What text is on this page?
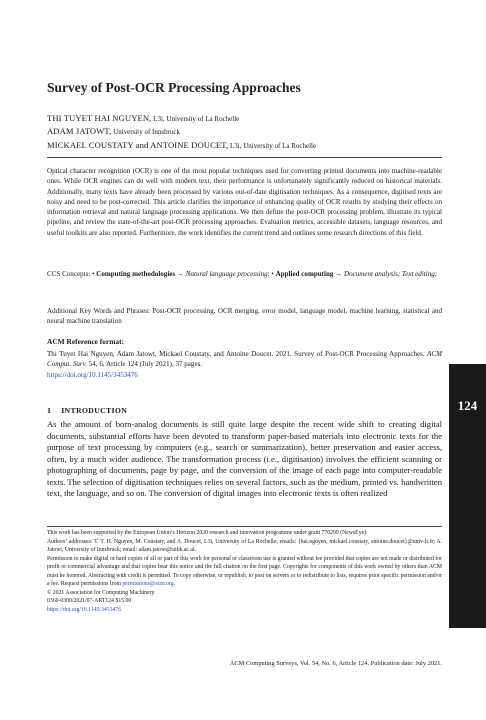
Survey of Post-OCR Processing Approaches
THI TUYET HAI NGUYEN, L3i, University of La Rochelle
ADAM JATOWT, University of Innsbruck
MICKAEL COUSTATY and ANTOINE DOUCET, L3i, University of La Rochelle
Optical character recognition (OCR) is one of the most popular techniques used for converting printed documents into machine-readable ones. While OCR engines can do well with modern text, their performance is unfortunately significantly reduced on historical materials. Additionally, many texts have already been processed by various out-of-date digitisation techniques. As a consequence, digitised texts are noisy and need to be post-corrected. This article clarifies the importance of enhancing quality of OCR results by studying their effects on information retrieval and natural language processing applications. We then define the post-OCR processing problem, illustrate its typical pipeline, and review the state-of-the-art post-OCR processing approaches. Evaluation metrics, accessible datasets, language resources, and useful toolkits are also reported. Furthermore, the work identifies the current trend and outlines some research directions of this field.
CCS Concepts: • Computing methodologies → Natural language processing; • Applied computing → Document analysis; Text editing;
Additional Key Words and Phrases: Post-OCR processing, OCR merging, error model, language model, machine learning, statistical and neural machine translation
ACM Reference format:
Thi Tuyet Hai Nguyen, Adam Jatowt, Mickael Coustaty, and Antoine Doucet. 2021. Survey of Post-OCR Processing Approaches. ACM Comput. Surv. 54, 6, Article 124 (July 2021), 37 pages.
https://doi.org/10.1145/3453476
1 INTRODUCTION
As the amount of born-analog documents is still quite large despite the recent wide shift to creating digital documents, substantial efforts have been devoted to transform paper-based materials into electronic texts for the purpose of text processing by computers (e.g., search or summarization), better preservation and easier access, often, by a much wider audience. The transformation process (i.e., digitisation) involves the efficient scanning or photographing of documents, page by page, and the conversion of the image of each page into computer-readable texts. The selection of digitisation techniques relies on several factors, such as the medium, printed vs. handwritten text, the language, and so on. The conversion of digital images into electronic texts is often realized

This work has been supported by the European Union’s Horizon 2020 research and innovation programme under grant 770299 (NewsEye).

Authors’ addresses: T. T. H. Nguyen, M. Coustaty, and A. Doucet, L3i, University of La Rochelle; emails: {hai.nguyen, mickael.coustaty, antoine.doucet}@univ-lr.fr; A. Jatowt, University of Innsbruck; email: adam.jatowt@uibk.ac.at.

Permission to make digital or hard copies of all or part of this work for personal or classroom use is granted without fee provided that copies are not made or distributed for profit or commercial advantage and that copies bear this notice and the full citation on the first page. Copyrights for components of this work owned by others than ACM must be honored. Abstracting with credit is permitted. To copy otherwise, or republish, to post on servers or to redistribute to lists, requires prior specific permission and/or a fee. Request permissions from permissions@acm.org.

© 2021 Association for Computing Machinery.

0360-0300/2021/07-ART124 $15.00

https://doi.org/10.1145/3453476

ACM Computing Surveys, Vol. 54, No. 6, Article 124. Publication date: July 2021.
124
